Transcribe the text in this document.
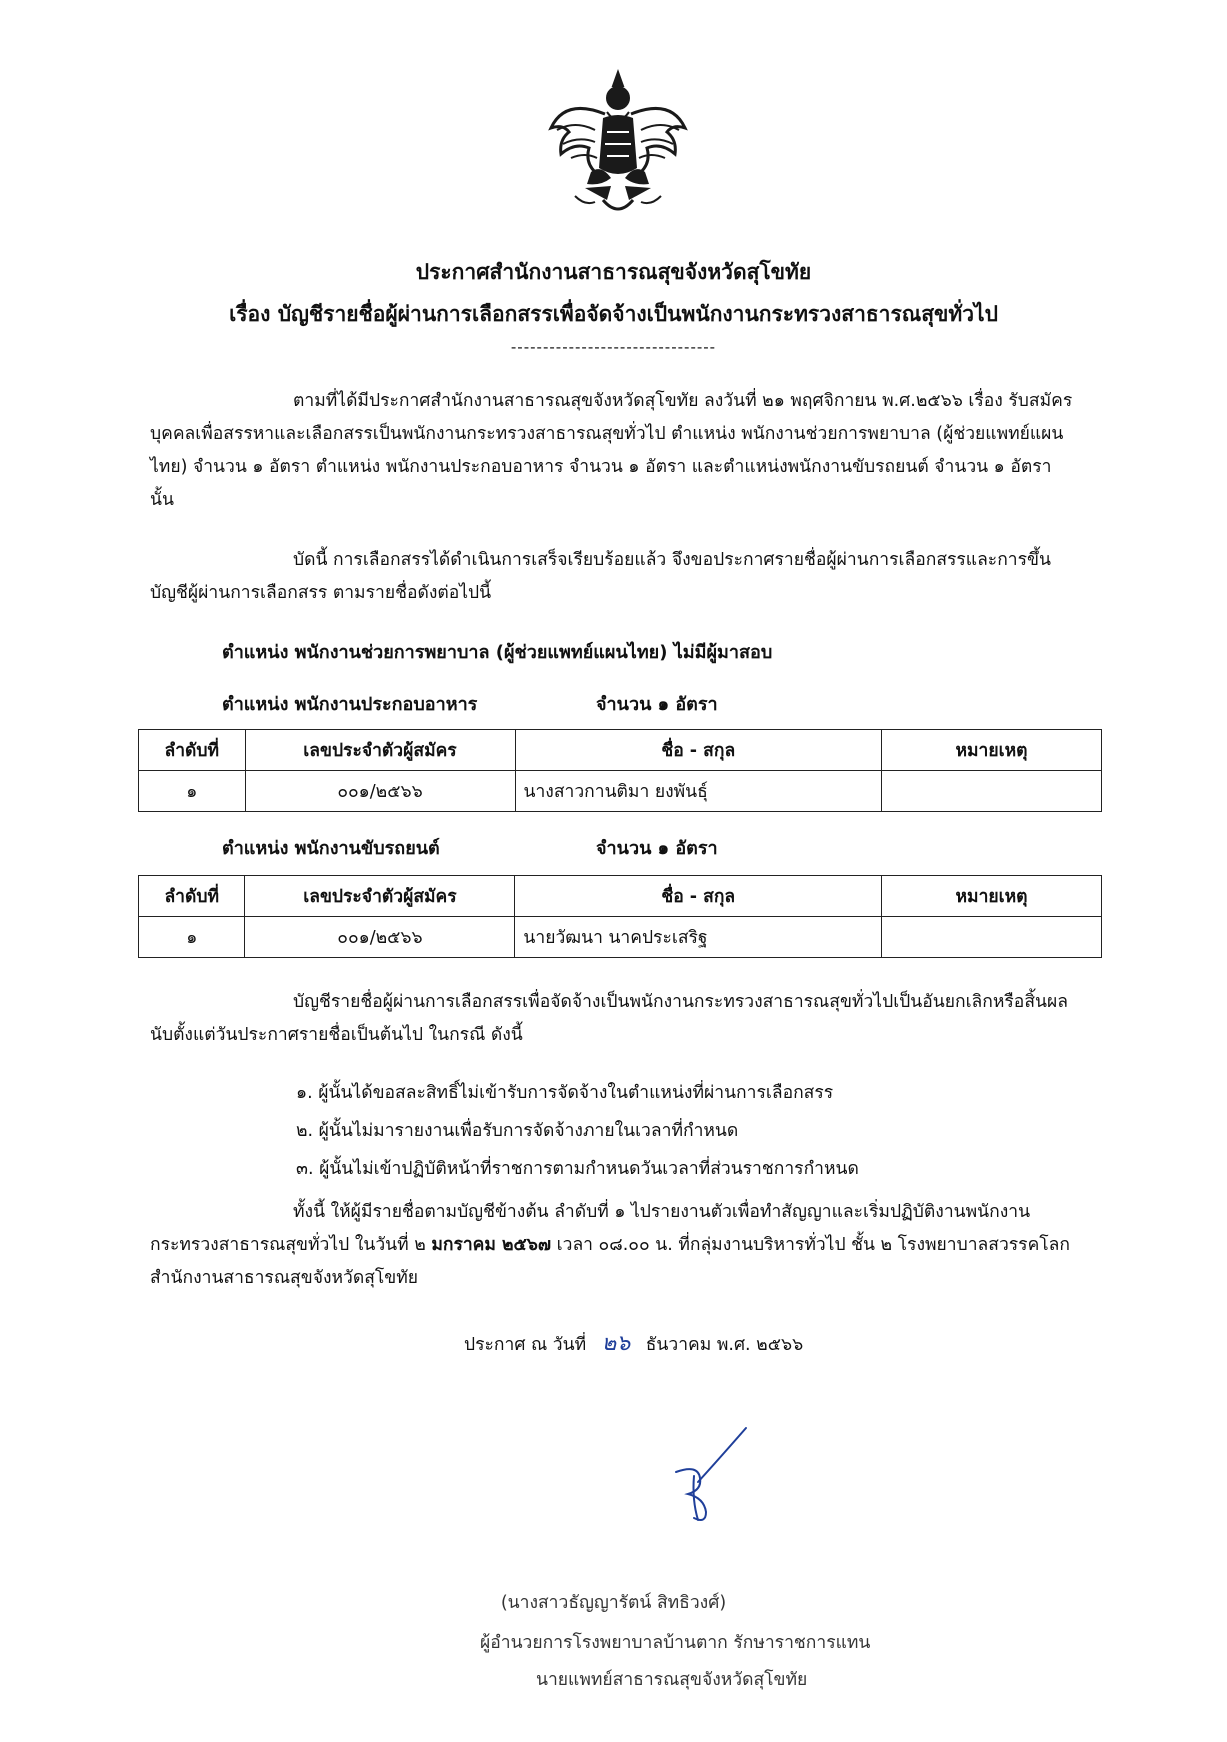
ประกาศสำนักงานสาธารณสุขจังหวัดสุโขทัย
เรื่อง บัญชีรายชื่อผู้ผ่านการเลือกสรรเพื่อจัดจ้างเป็นพนักงานกระทรวงสาธารณสุขทั่วไป
--------------------------------

ตามที่ได้มีประกาศสำนักงานสาธารณสุขจังหวัดสุโขทัย ลงวันที่ ๒๑ พฤศจิกายน พ.ศ.๒๕๖๖ เรื่อง รับสมัครบุคคลเพื่อสรรหาและเลือกสรรเป็นพนักงานกระทรวงสาธารณสุขทั่วไป ตำแหน่ง พนักงานช่วยการพยาบาล (ผู้ช่วยแพทย์แผนไทย) จำนวน ๑ อัตรา ตำแหน่ง พนักงานประกอบอาหาร จำนวน ๑ อัตรา และตำแหน่งพนักงานขับรถยนต์ จำนวน ๑ อัตรา นั้น

บัดนี้ การเลือกสรรได้ดำเนินการเสร็จเรียบร้อยแล้ว จึงขอประกาศรายชื่อผู้ผ่านการเลือกสรรและการขึ้นบัญชีผู้ผ่านการเลือกสรร ตามรายชื่อดังต่อไปนี้

ตำแหน่ง พนักงานช่วยการพยาบาล (ผู้ช่วยแพทย์แผนไทย) ไม่มีผู้มาสอบ
ตำแหน่ง พนักงานประกอบอาหาร	จำนวน ๑ อัตรา
ลำดับที่	เลขประจำตัวผู้สมัคร	ชื่อ - สกุล	หมายเหตุ
๑	๐๐๑/๒๕๖๖	นางสาวกานติมา ยงพันธุ์	
ตำแหน่ง พนักงานขับรถยนต์	จำนวน ๑ อัตรา
ลำดับที่	เลขประจำตัวผู้สมัคร	ชื่อ - สกุล	หมายเหตุ
๑	๐๐๑/๒๕๖๖	นายวัฒนา นาคประเสริฐ	

บัญชีรายชื่อผู้ผ่านการเลือกสรรเพื่อจัดจ้างเป็นพนักงานกระทรวงสาธารณสุขทั่วไปเป็นอันยกเลิกหรือสิ้นผล นับตั้งแต่วันประกาศรายชื่อเป็นต้นไป ในกรณี ดังนี้

๑. ผู้นั้นได้ขอสละสิทธิ์ไม่เข้ารับการจัดจ้างในตำแหน่งที่ผ่านการเลือกสรร
๒. ผู้นั้นไม่มารายงานเพื่อรับการจัดจ้างภายในเวลาที่กำหนด
๓. ผู้นั้นไม่เข้าปฏิบัติหน้าที่ราชการตามกำหนดวันเวลาที่ส่วนราชการกำหนด

ทั้งนี้ ให้ผู้มีรายชื่อตามบัญชีข้างต้น ลำดับที่ ๑ ไปรายงานตัวเพื่อทำสัญญาและเริ่มปฏิบัติงานพนักงานกระทรวงสาธารณสุขทั่วไป ในวันที่ ๒ มกราคม ๒๕๖๗ เวลา ๐๘.๐๐ น. ที่กลุ่มงานบริหารทั่วไป ชั้น ๒ โรงพยาบาลสวรรคโลก สำนักงานสาธารณสุขจังหวัดสุโขทัย

ประกาศ ณ วันที่ ๒๖ ธันวาคม พ.ศ. ๒๕๖๖
(นางสาวธัญญารัตน์ สิทธิวงศ์)
ผู้อำนวยการโรงพยาบาลบ้านตาก รักษาราชการแทน
นายแพทย์สาธารณสุขจังหวัดสุโขทัย
